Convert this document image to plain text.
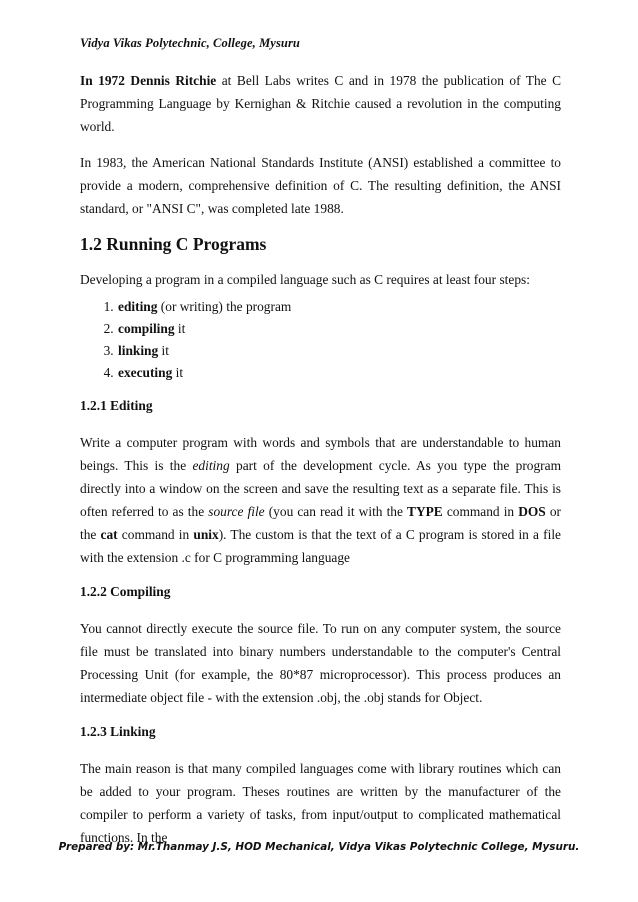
Vidya Vikas Polytechnic, College, Mysuru

In 1972 Dennis Ritchie at Bell Labs writes C and in 1978 the publication of The C Programming Language by Kernighan & Ritchie caused a revolution in the computing world.

In 1983, the American National Standards Institute (ANSI) established a committee to provide a modern, comprehensive definition of C. The resulting definition, the ANSI standard, or "ANSI C", was completed late 1988.

1.2 Running C Programs

Developing a program in a compiled language such as C requires at least four steps:

1. editing (or writing) the program
2. compiling it
3. linking it
4. executing it
1.2.1 Editing

Write a computer program with words and symbols that are understandable to human beings. This is the editing part of the development cycle. As you type the program directly into a window on the screen and save the resulting text as a separate file. This is often referred to as the source file (you can read it with the TYPE command in DOS or the cat command in unix). The custom is that the text of a C program is stored in a file with the extension .c for C programming language

1.2.2 Compiling

You cannot directly execute the source file. To run on any computer system, the source file must be translated into binary numbers understandable to the computer's Central Processing Unit (for example, the 80*87 microprocessor). This process produces an intermediate object file - with the extension .obj, the .obj stands for Object.

1.2.3 Linking

The main reason is that many compiled languages come with library routines which can be added to your program. Theses routines are written by the manufacturer of the compiler to perform a variety of tasks, from input/output to complicated mathematical functions. In the

Prepared by: Mr.Thanmay J.S, HOD Mechanical, Vidya Vikas Polytechnic College, Mysuru.
